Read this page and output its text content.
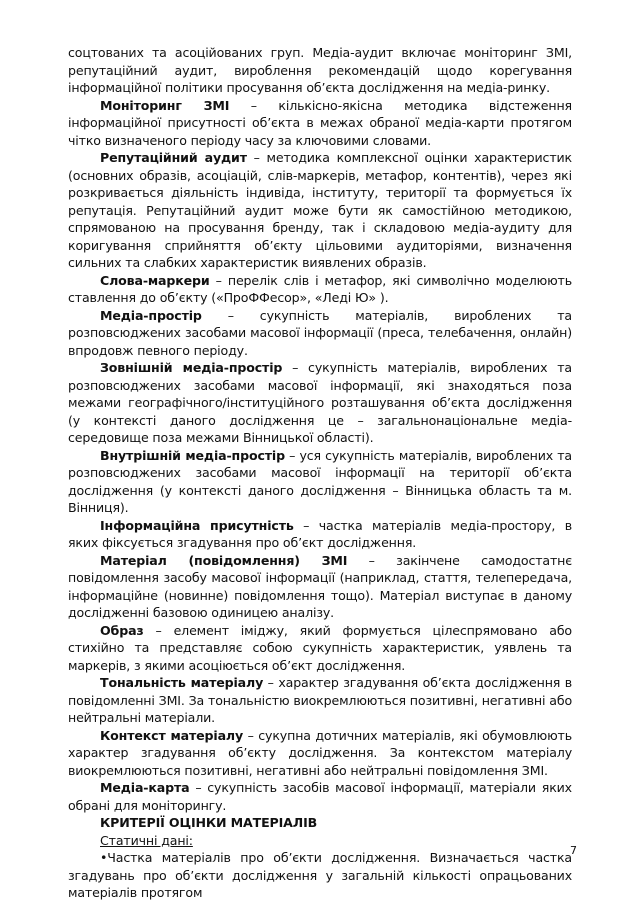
соцтованих та асоційованих груп. Медіа-аудит включає моніторинг ЗМІ, репутаційний аудит, вироблення рекомендацій щодо корегування інформаційної політики просування об’єкта дослідження на медіа-ринку.

Моніторинг ЗМІ – кількісно-якісна методика відстеження інформаційної присутності об’єкта в межах обраної медіа-карти протягом чітко визначеного періоду часу за ключовими словами.

Репутаційний аудит – методика комплексної оцінки характеристик (основних образів, асоціацій, слів-маркерів, метафор, контентів), через які розкривається діяльність індивіда, інституту, території та формується їх репутація. Репутаційний аудит може бути як самостійною методикою, спрямованою на просування бренду, так і складовою медіа-аудиту для коригування сприйняття об’єкту цільовими аудиторіями, визначення сильних та слабких характеристик виявлених образів.

Слова-маркери – перелік слів і метафор, які символічно моделюють ставлення до об’єкту («ПроФФесор», «Леді Ю» ).

Медіа-простір – сукупність матеріалів, вироблених та розповсюджених засобами масової інформації (преса, телебачення, онлайн) впродовж певного періоду.

Зовнішній медіа-простір – сукупність матеріалів, вироблених та розповсюджених засобами масової інформації, які знаходяться поза межами географічного/інституційного розташування об’єкта дослідження (у контексті даного дослідження це – загальнонаціональне медіа-середовище поза межами Вінницької області).

Внутрішній медіа-простір – уся сукупність матеріалів, вироблених та розповсюджених засобами масової інформації на території об’єкта дослідження (у контексті даного дослідження – Вінницька область та м. Вінниця).

Інформаційна присутність – частка матеріалів медіа-простору, в яких фіксується згадування про об’єкт дослідження.

Матеріал (повідомлення) ЗМІ – закінчене самодостатнє повідомлення засобу масової інформації (наприклад, стаття, телепередача, інформаційне (новинне) повідомлення тощо). Матеріал виступає в даному дослідженні базовою одиницею аналізу.

Образ – елемент іміджу, який формується цілеспрямовано або стихійно та представляє собою сукупність характеристик, уявлень та маркерів, з якими асоціюється об’єкт дослідження.

Тональність матеріалу – характер згадування об’єкта дослідження в повідомленні ЗМІ. За тональністю виокремлюються позитивні, негативні або нейтральні матеріали.

Контекст матеріалу – сукупна дотичних матеріалів, які обумовлюють характер згадування об’єкту дослідження. За контекстом матеріалу виокремлюються позитивні, негативні або нейтральні повідомлення ЗМІ.

Медіа-карта – сукупність засобів масової інформації, матеріали яких обрані для моніторингу.

КРИТЕРІЇ ОЦІНКИ МАТЕРІАЛІВ

Статичні дані:

•Частка матеріалів про об’єкти дослідження. Визначається частка згадувань про об’єкти дослідження у загальній кількості опрацьованих матеріалів протягом

7
